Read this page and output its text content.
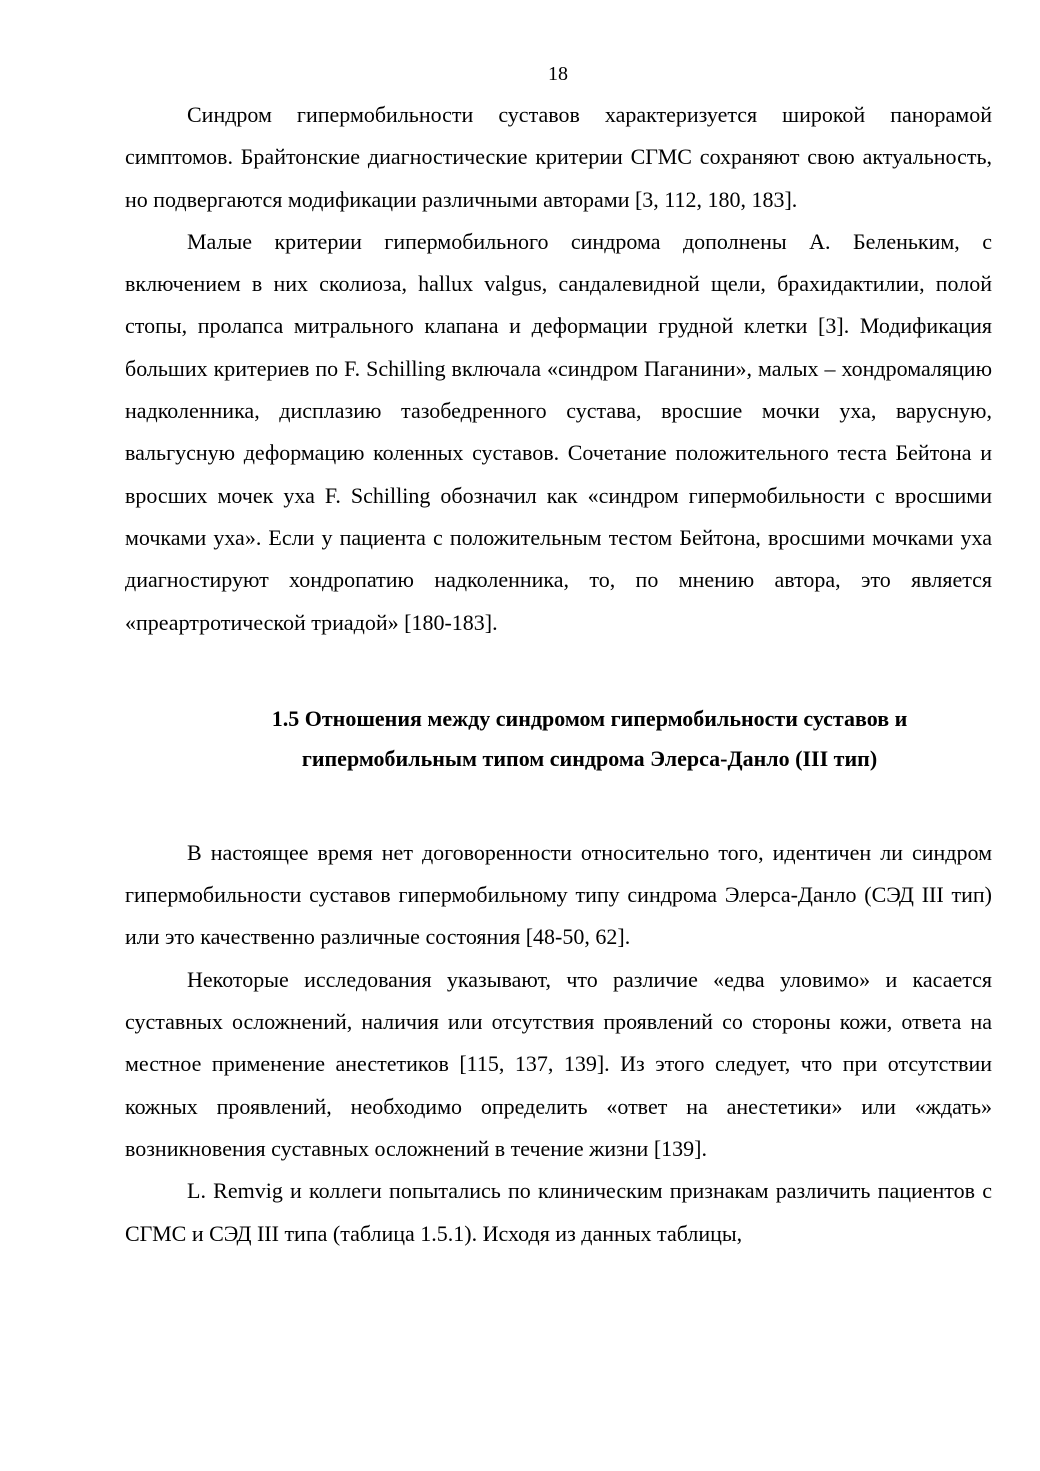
18

Синдром гипермобильности суставов характеризуется широкой панорамой симптомов. Брайтонские диагностические критерии СГМС сохраняют свою актуальность, но подвергаются модификации различными авторами [3, 112, 180, 183].

Малые критерии гипермобильного синдрома дополнены А. Беленьким, с включением в них сколиоза, hallux valgus, сандалевидной щели, брахидактилии, полой стопы, пролапса митрального клапана и деформации грудной клетки [3]. Модификация больших критериев по F. Schilling включала «синдром Паганини», малых – хондромаляцию надколенника, дисплазию тазобедренного сустава, вросшие мочки уха, варусную, вальгусную деформацию коленных суставов. Сочетание положительного теста Бейтона и вросших мочек уха F. Schilling обозначил как «синдром гипермобильности с вросшими мочками уха». Если у пациента с положительным тестом Бейтона, вросшими мочками уха диагностируют хондропатию надколенника, то, по мнению автора, это является «преартротической триадой» [180-183].

1.5 Отношения между синдромом гипермобильности суставов и гипермобильным типом синдрома Элерса-Данло (III тип)

В настоящее время нет договоренности относительно того, идентичен ли синдром гипермобильности суставов гипермобильному типу синдрома Элерса-Данло (СЭД III тип) или это качественно различные состояния [48-50, 62].

Некоторые исследования указывают, что различие «едва уловимо» и касается суставных осложнений, наличия или отсутствия проявлений со стороны кожи, ответа на местное применение анестетиков [115, 137, 139]. Из этого следует, что при отсутствии кожных проявлений, необходимо определить «ответ на анестетики» или «ждать» возникновения суставных осложнений в течение жизни [139].

L. Remvig и коллеги попытались по клиническим признакам различить пациентов с СГМС и СЭД III типа (таблица 1.5.1). Исходя из данных таблицы,
